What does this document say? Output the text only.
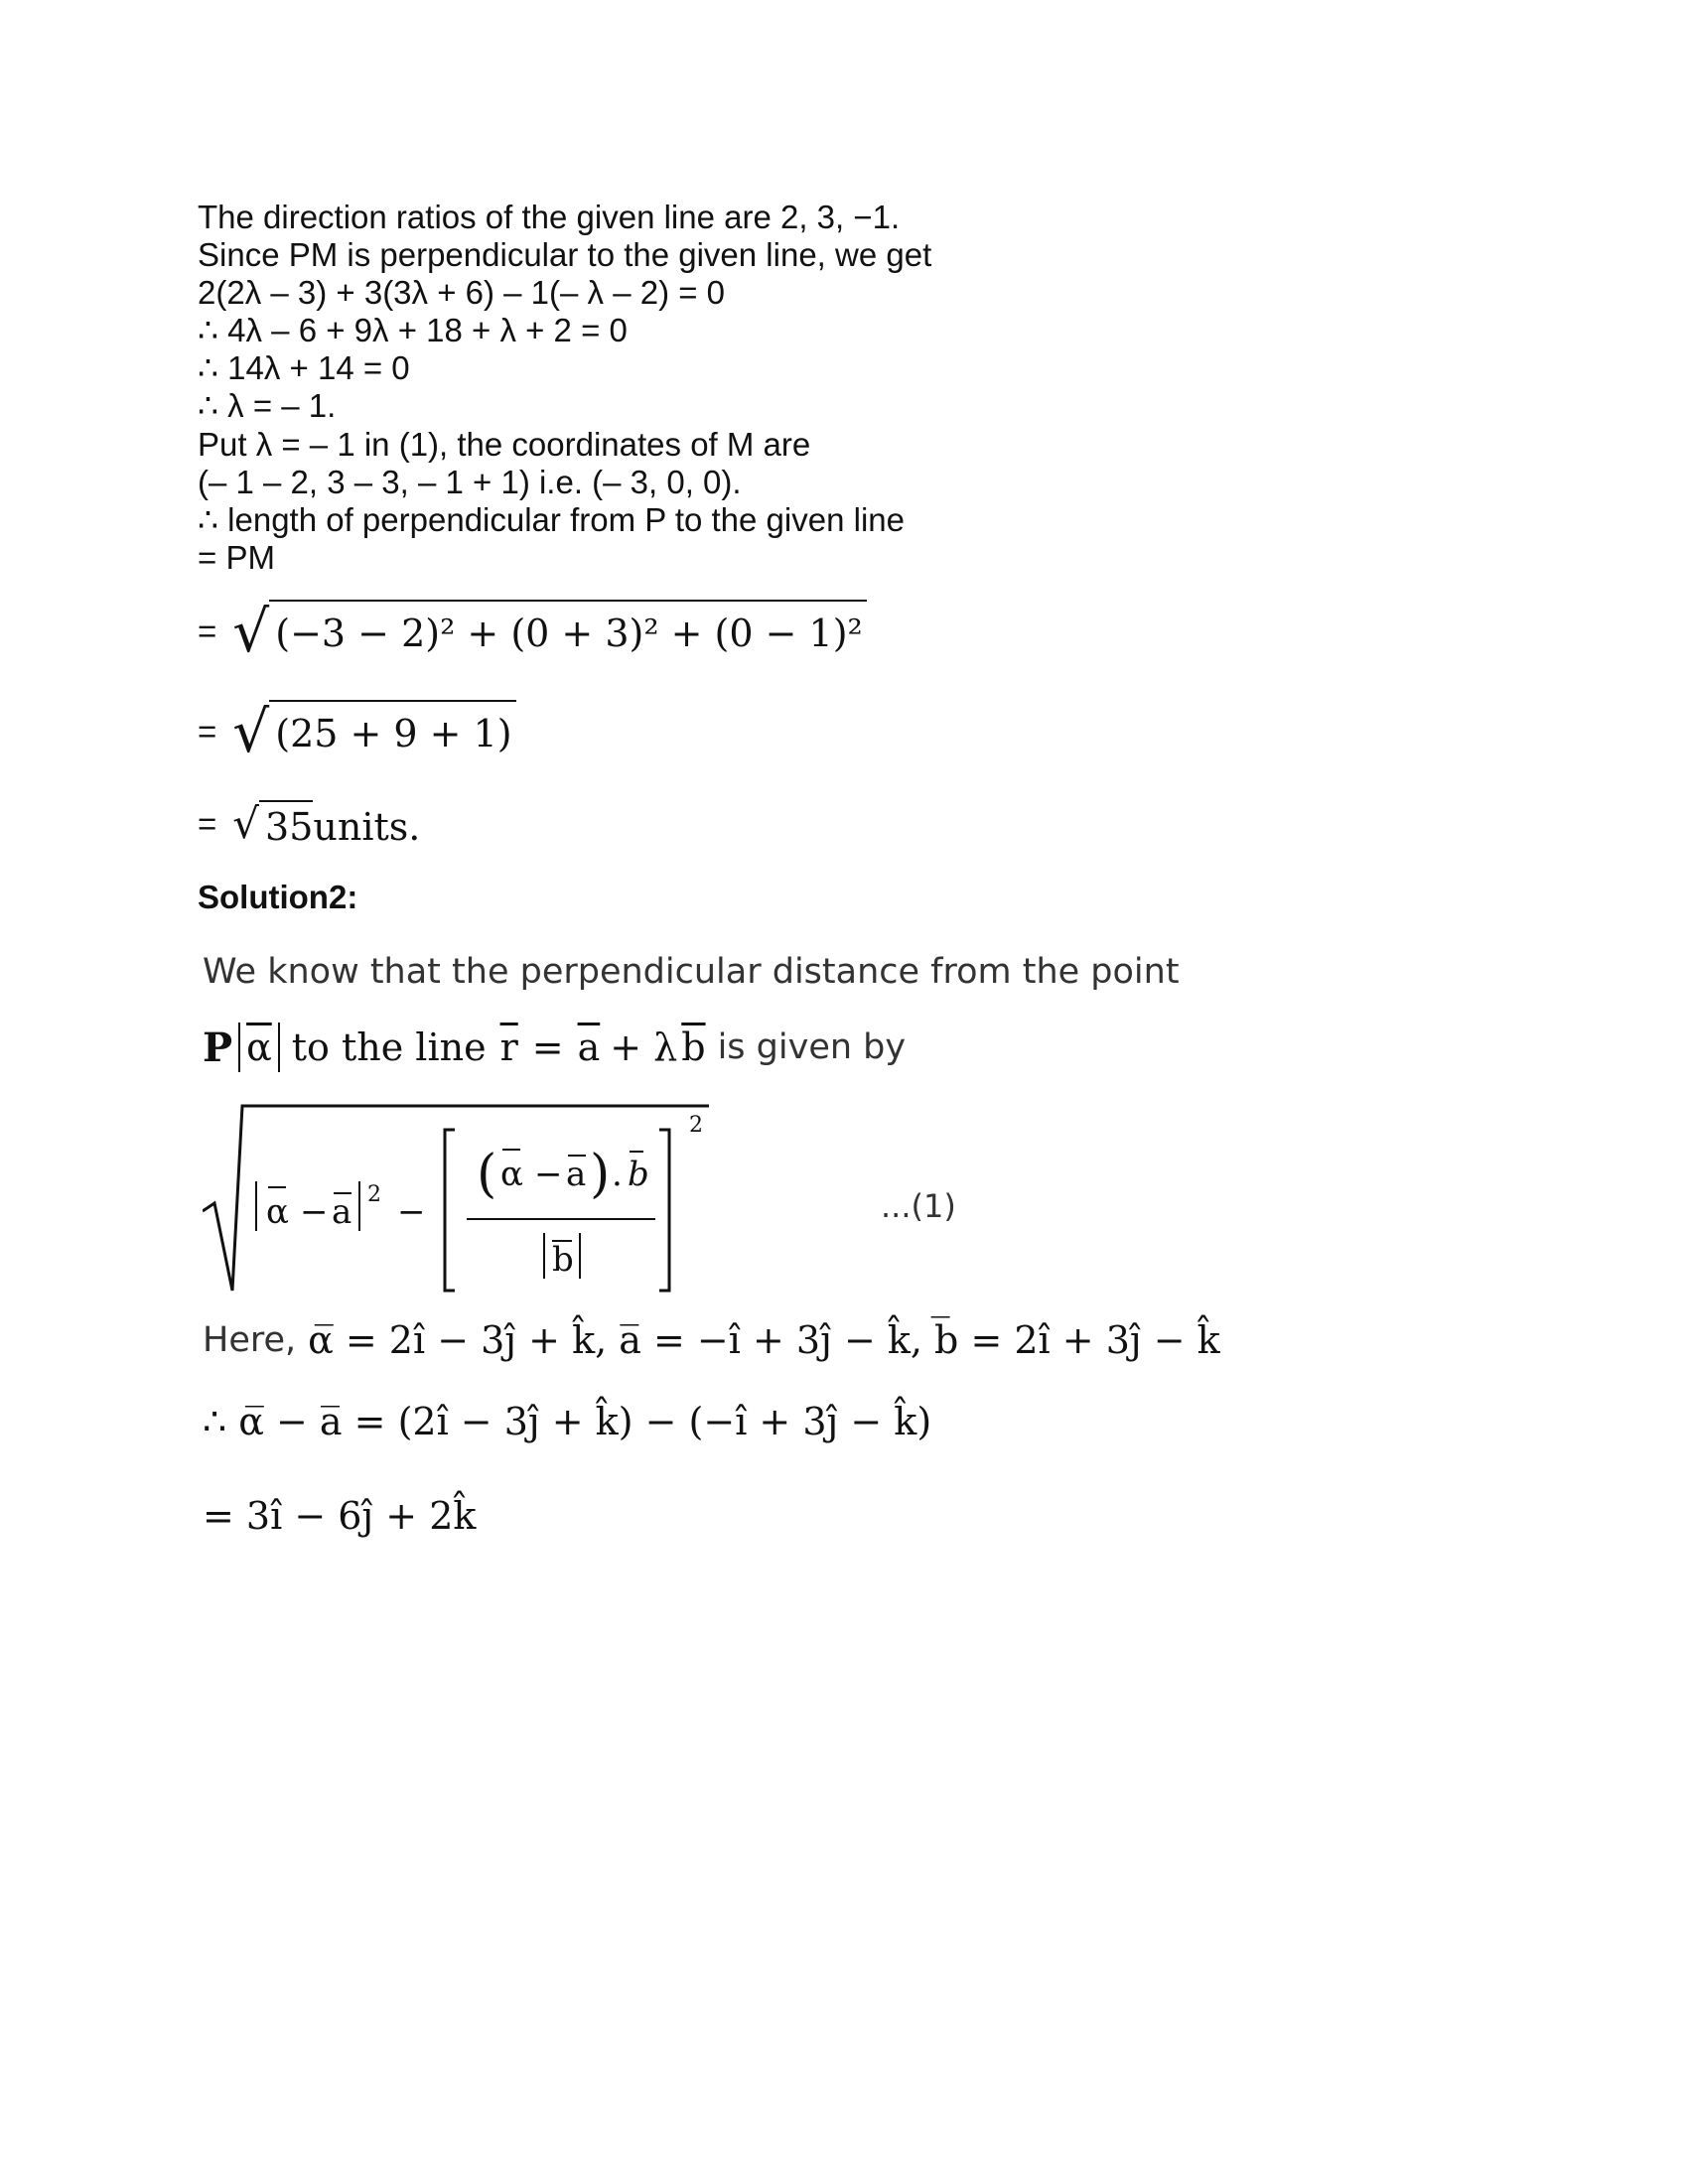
The direction ratios of the given line are 2, 3, −1.
Since PM is perpendicular to the given line, we get
2(2λ – 3) + 3(3λ + 6) – 1(– λ – 2) = 0
∴ 4λ – 6 + 9λ + 18 + λ + 2 = 0
∴ 14λ + 14 = 0
∴ λ = – 1.
Put λ = – 1 in (1), the coordinates of M are
(– 1 – 2, 3 – 3, – 1 + 1) i.e. (– 3, 0, 0).
∴ length of perpendicular from P to the given line
= PM
= √ (−3 − 2)² + (0 + 3)² + (0 − 1)²
= √ (25 + 9 + 1)
= √ 35 units.
Solution2:
We know that the perpendicular distance from the point
P $\overline{\alpha}$ to the line $\overline{r} = \overline{a} + \lambda$ $\overline{b}$ is given by
α − a 2 −
( α − a ) . b
b
2
...(1)
Here, α̅ = 2î − 3ĵ + k̂, a̅ = −î + 3ĵ − k̂, b̅ = 2î + 3ĵ − k̂
∴ α̅ − a̅ = (2î − 3ĵ + k̂) − (−î + 3ĵ − k̂)
= 3î − 6ĵ + 2k̂
